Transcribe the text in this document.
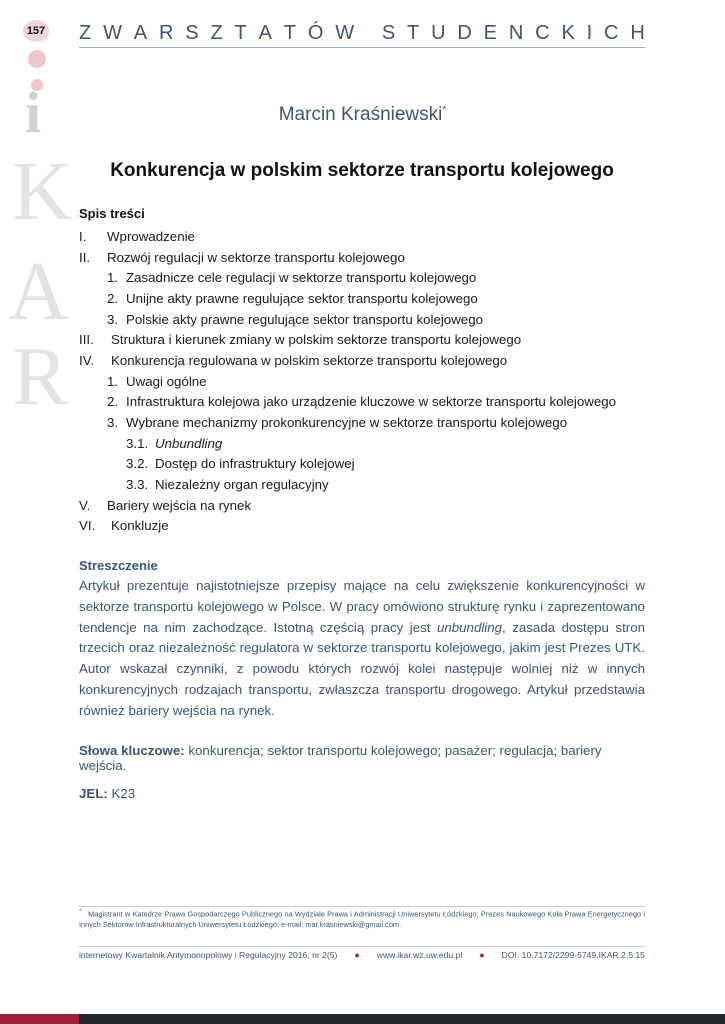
157
i
K
A
R
Z W A R S Z T A T Ó W S T U D E N C K I C H
Marcin Kraśniewski*
Konkurencja w polskim sektorze transportu kolejowego
Spis treści
I.	Wprowadzenie
II.	Rozwój regulacji w sektorze transportu kolejowego
1. Zasadnicze cele regulacji w sektorze transportu kolejowego
2. Unijne akty prawne regulujące sektor transportu kolejowego
3. Polskie akty prawne regulujące sektor transportu kolejowego
III.	Struktura i kierunek zmiany w polskim sektorze transportu kolejowego
IV.	Konkurencja regulowana w polskim sektorze transportu kolejowego
1. Uwagi ogólne
2. Infrastruktura kolejowa jako urządzenie kluczowe w sektorze transportu kolejowego
3. Wybrane mechanizmy prokonkurencyjne w sektorze transportu kolejowego
3.1. Unbundling
3.2. Dostęp do infrastruktury kolejowej
3.3. Niezależny organ regulacyjny
V.	Bariery wejścia na rynek
VI.	Konkluzje
Streszczenie
Artykuł prezentuje najistotniejsze przepisy mające na celu zwiększenie konkurencyjności w sektorze transportu kolejowego w Polsce. W pracy omówiono strukturę rynku i zaprezentowano tendencje na nim zachodzące. Istotną częścią pracy jest unbundling, zasada dostępu stron trzecich oraz niezależność regulatora w sektorze transportu kolejowego, jakim jest Prezes UTK. Autor wskazał czynniki, z powodu których rozwój kolei następuje wolniej niż w innych konkurencyjnych rodzajach transportu, zwłaszcza transportu drogowego. Artykuł przedstawia również bariery wejścia na rynek.
Słowa kluczowe: konkurencja; sektor transportu kolejowego; pasażer; regulacja; bariery wejścia.
JEL: K23
* Magistrant w Katedrze Prawa Gospodarczego Publicznego na Wydziale Prawa i Administracji Uniwersytetu Łódzkiego; Prezes Naukowego Koła Prawa Energetycznego i Innych Sektorów Infrastrukturalnych Uniwersytetu Łódzkiego; e-mail: mar.krasniewski@gmail.com.
internetowy Kwartalnik Antymonopolowy i Regulacyjny 2016, nr 2(5) ● www.ikar.wz.uw.edu.pl ● DOI: 10.7172/2299-5749.IKAR.2.5.15
